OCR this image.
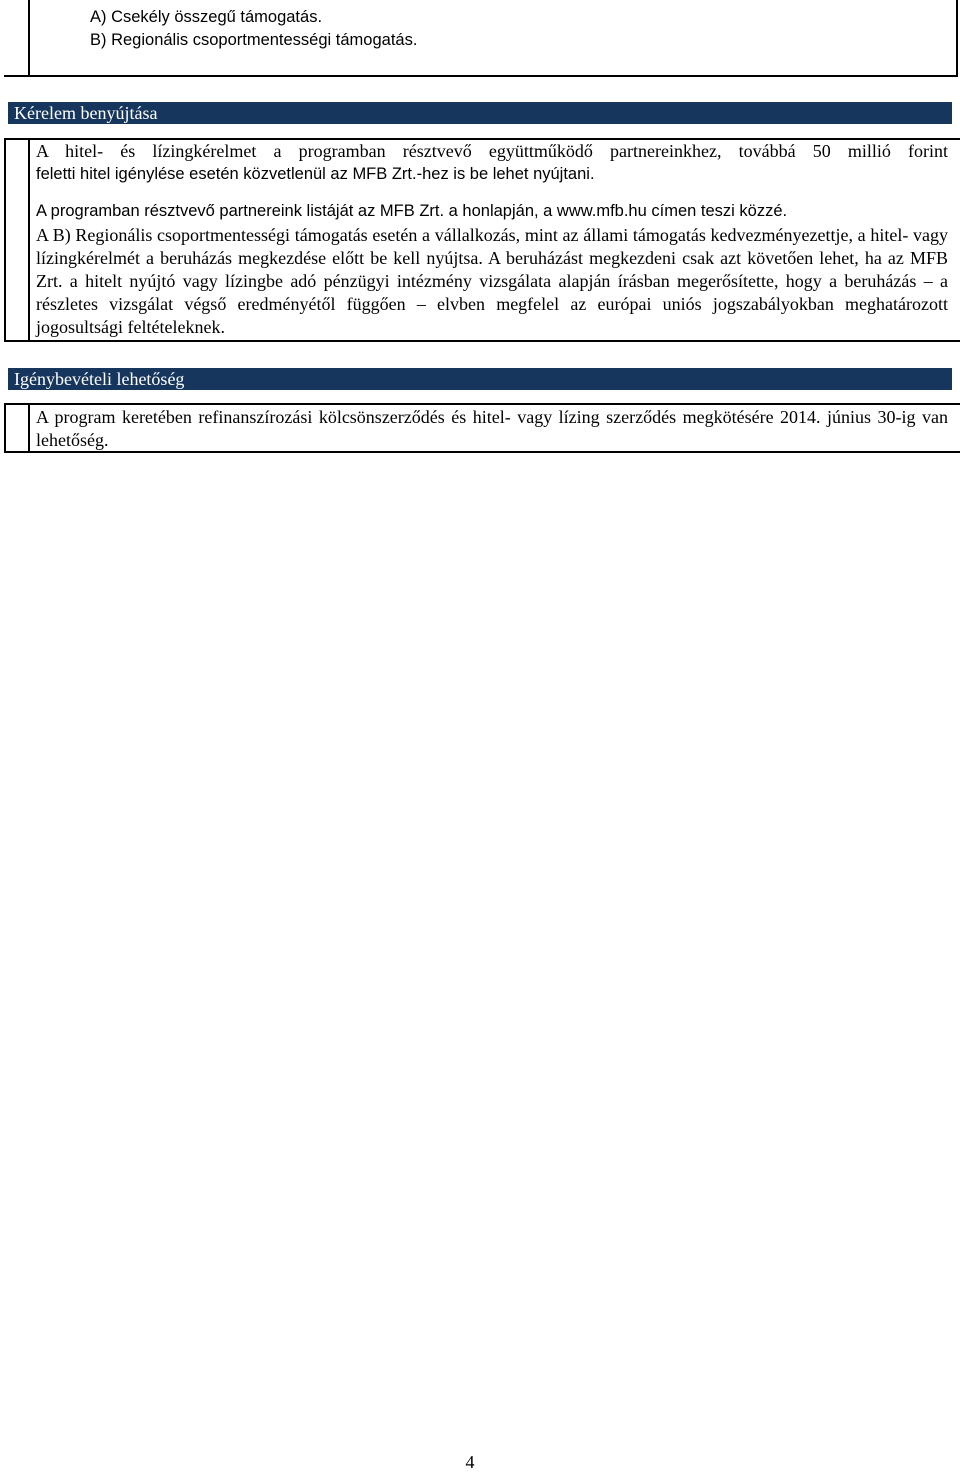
A) Csekély összegű támogatás.
B) Regionális csoportmentességi támogatás.
Kérelem benyújtása
A hitel- és lízingkérelmet a programban résztvevő együttműködő partnereinkhez, továbbá 50 millió forint
feletti hitel igénylése esetén közvetlenül az MFB Zrt.-hez is be lehet nyújtani.
A programban résztvevő partnereink listáját az MFB Zrt. a honlapján, a www.mfb.hu címen teszi közzé.
A B) Regionális csoportmentességi támogatás esetén a vállalkozás, mint az állami támogatás kedvezményezettje, a hitel- vagy lízingkérelmét a beruházás megkezdése előtt be kell nyújtsa. A beruházást megkezdeni csak azt követően lehet, ha az MFB Zrt. a hitelt nyújtó vagy lízingbe adó pénzügyi intézmény vizsgálata alapján írásban megerősítette, hogy a beruházás – a részletes vizsgálat végső eredményétől függően – elvben megfelel az európai uniós jogszabályokban meghatározott jogosultsági feltételeknek.
Igénybevételi lehetőség
A program keretében refinanszírozási kölcsönszerződés és hitel- vagy lízing szerződés megkötésére 2014. június 30-ig van lehetőség.
4
